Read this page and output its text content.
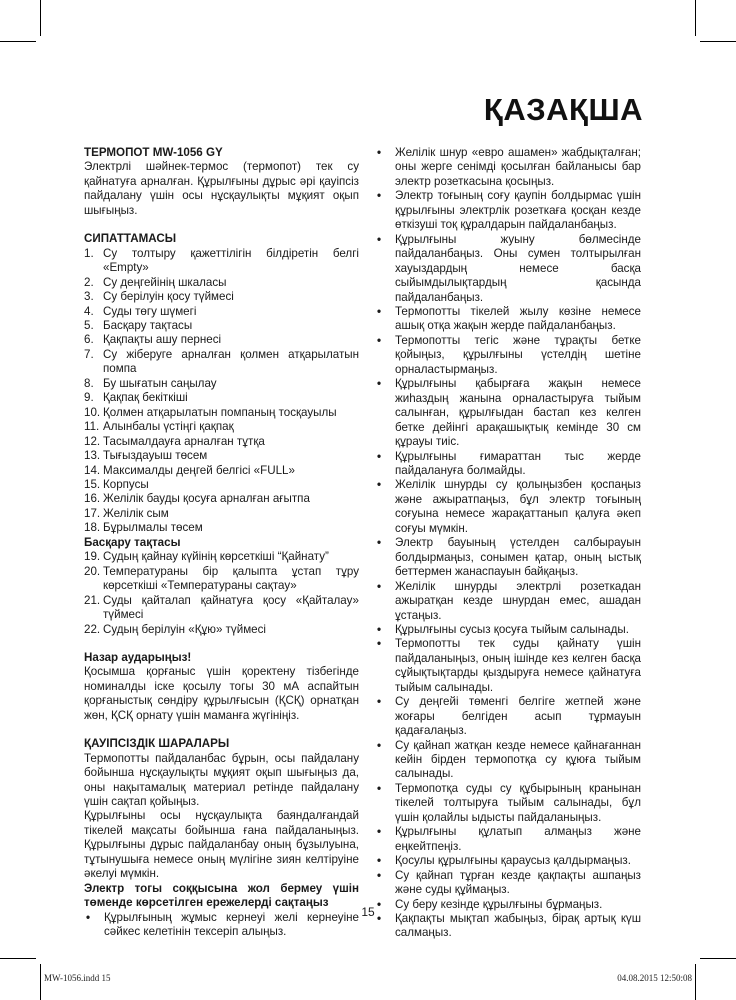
ҚАЗАҚША

ТЕРМОПОТ MW-1056 GY

Электрлі шәйнек-термос (термопот) тек су қайнатуға арналған. Құрылғыны дұрыс әрі қауіпсіз пайдалану үшін осы нұсқаулықты мұқият оқып шығыңыз.

СИПАТТАМАСЫ

1. Су толтыру қажеттілігін білдіретін белгі «Empty»
2. Су деңгейінің шкаласы
3. Су берілуін қосу түймесі
4. Суды төгу шүмегі
5. Басқару тақтасы
6. Қақпақты ашу пернесі
7. Су жіберуге арналған қолмен атқарылатын помпа
8. Бу шығатын саңылау
9. Қақпақ бекіткіші
10. Қолмен атқарылатын помпаның тосқауылы
11. Алынбалы үстіңгі қақпақ
12. Тасымалдауға арналған тұтқа
13. Тығыздауыш төсем
14. Максималды деңгей белгісі «FULL»
15. Корпусы
16. Желілік бауды қосуға арналған ағытпа
17. Желілік сым
18. Бұрылмалы төсем

Басқару тақтасы

19. Судың қайнау күйінің көрсеткіші “Қайнату”
20. Температураны бір қалыпта ұстап тұру көрсеткіші «Температураны сақтау»
21. Суды қайталап қайнатуға қосу «Қайталау» түймесі
22. Судың берілуін «Құю» түймесі

Назар аударыңыз!

Қосымша қорғаныс үшін қоректену тізбегінде номиналды іске қосылу тогы 30 мА аспайтын қорғаныстық сөндіру құрылғысын (ҚСҚ) орнатқан жөн, ҚСҚ орнату үшін маманға жүгініңіз.

ҚАУІПСІЗДІК ШАРАЛАРЫ

Термопотты пайдаланбас бұрын, осы пайдалану бойынша нұсқаулықты мұқият оқып шығыңыз да, оны нақытамалық материал ретінде пайдалану үшін сақтап қойыңыз.

Құрылғыны осы нұсқаулықта баяндалғандай тікелей мақсаты бойынша ғана пайдаланыңыз. Құрылғыны дұрыс пайдаланбау оның бұзылуына, тұтынушыға немесе оның мүлігіне зиян келтіруіне әкелуі мүмкін.

Электр тогы соққысына жол бермеу үшін төменде көрсетілген ережелерді сақтаңыз

• Құрылғының жұмыс кернеуі желі кернеуіне сәйкес келетінін тексеріп алыңыз.
• Желілік шнур «евро ашамен» жабдықталған; оны жерге сенімді қосылған байланысы бар электр розеткасына қосыңыз.
• Электр тоғының соғу қаупін болдырмас үшін құрылғыны электрлік розеткаға қосқан кезде өткізуші тоқ құралдарын пайдаланбаңыз.
• Құрылғыны жуыну бөлмесінде пайдаланбаңыз. Оны сумен толтырылған хауыздардың немесе басқа сыйымдылықтардың қасында пайдаланбаңыз.
• Термопотты тікелей жылу көзіне немесе ашық отқа жақын жерде пайдаланбаңыз.
• Термопотты тегіс және тұрақты бетке қойыңыз, құрылғыны үстелдің шетіне орналастырмаңыз.
• Құрылғыны қабырғаға жақын немесе жиһаздың жанына орналастыруға тыйым салынған, құрылғыдан бастап кез келген бетке дейінгі арақашықтық кемінде 30 см құрауы тиіс.
• Құрылғыны ғимараттан тыс жерде пайдалануға болмайды.
• Желілік шнурды су қолыңызбен қоспаңыз және ажыратпаңыз, бұл электр тоғының соғуына немесе жарақаттанып қалуға әкеп соғуы мүмкін.
• Электр бауының үстелден салбырауын болдырмаңыз, сонымен қатар, оның ыстық беттермен жанаспауын байқаңыз.
• Желілік шнурды электрлі розеткадан ажыратқан кезде шнурдан емес, ашадан ұстаңыз.
• Құрылғыны сусыз қосуға тыйым салынады.
• Термопотты тек суды қайнату үшін пайдаланыңыз, оның ішінде кез келген басқа сұйықтықтарды қыздыруға немесе қайнатуға тыйым салынады.
• Су деңгейі төменгі белгіге жетпей және жоғары белгіден асып тұрмауын қадағалаңыз.
• Су қайнап жатқан кезде немесе қайнағаннан кейін бірден термопотқа су құюға тыйым салынады.
• Термопотқа суды су құбырының кранынан тікелей толтыруға тыйым салынады, бұл үшін қолайлы ыдысты пайдаланыңыз.
• Құрылғыны құлатып алмаңыз және еңкейтпеңіз.
• Қосулы құрылғыны қараусыз қалдырмаңыз.
• Су қайнап тұрған кезде қақпақты ашпаңыз және суды құймаңыз.
• Су беру кезінде құрылғыны бұрмаңыз.
• Қақпақты мықтап жабыңыз, бірақ артық күш салмаңыз.
15
MW-1056.indd 15	04.08.2015 12:50:08
